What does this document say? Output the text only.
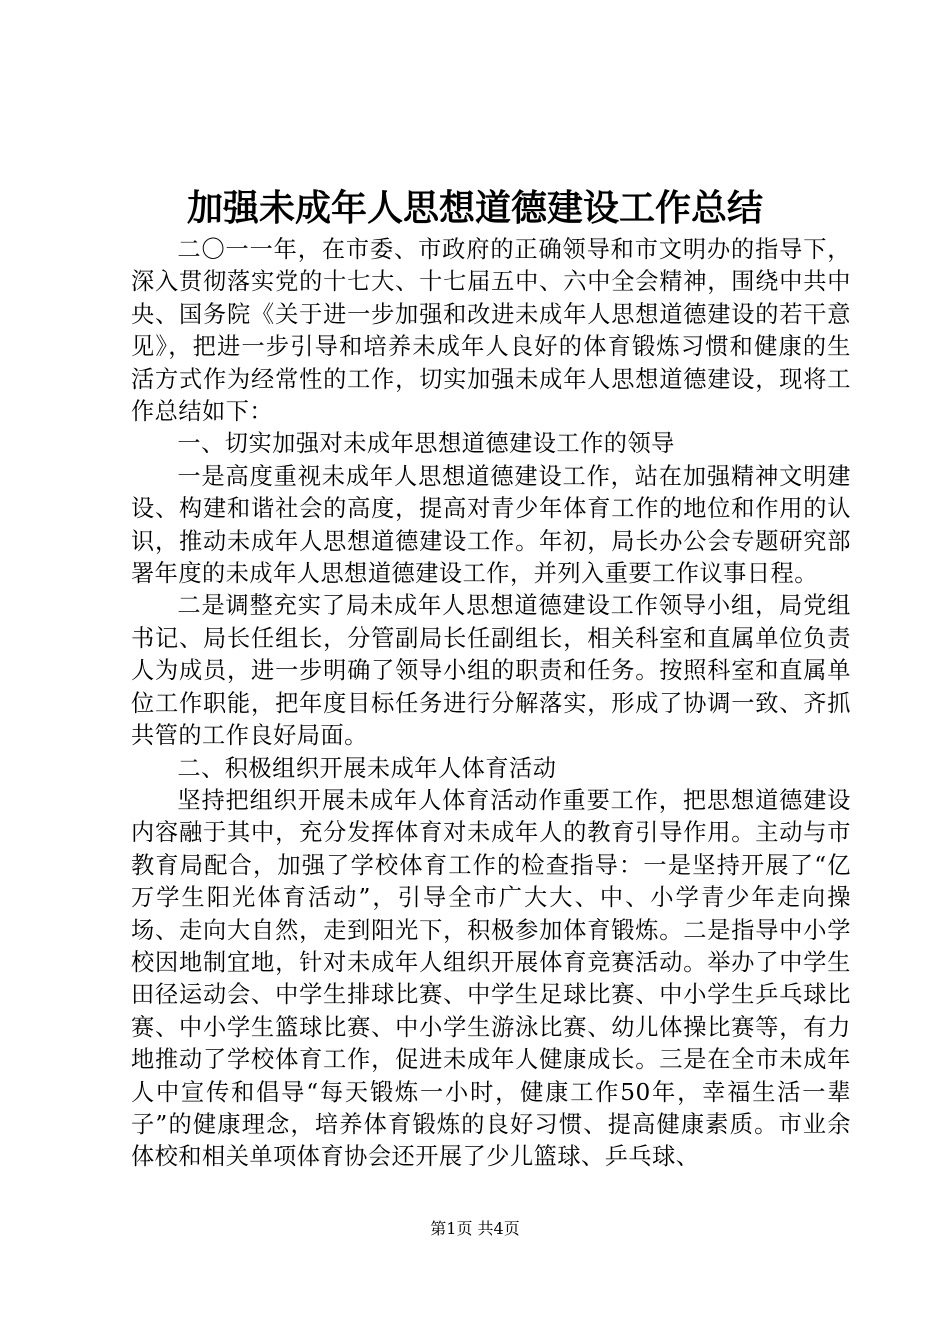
加强未成年人思想道德建设工作总结

二〇一一年，在市委、市政府的正确领导和市文明办的指导下，深入贯彻落实党的十七大、十七届五中、六中全会精神，围绕中共中央、国务院《关于进一步加强和改进未成年人思想道德建设的若干意见》，把进一步引导和培养未成年人良好的体育锻炼习惯和健康的生活方式作为经常性的工作，切实加强未成年人思想道德建设，现将工作总结如下：

一、切实加强对未成年思想道德建设工作的领导

一是高度重视未成年人思想道德建设工作，站在加强精神文明建设、构建和谐社会的高度，提高对青少年体育工作的地位和作用的认识，推动未成年人思想道德建设工作。年初，局长办公会专题研究部署年度的未成年人思想道德建设工作，并列入重要工作议事日程。

二是调整充实了局未成年人思想道德建设工作领导小组，局党组书记、局长任组长，分管副局长任副组长，相关科室和直属单位负责人为成员，进一步明确了领导小组的职责和任务。按照科室和直属单位工作职能，把年度目标任务进行分解落实，形成了协调一致、齐抓共管的工作良好局面。

二、积极组织开展未成年人体育活动

坚持把组织开展未成年人体育活动作重要工作，把思想道德建设内容融于其中，充分发挥体育对未成年人的教育引导作用。主动与市教育局配合，加强了学校体育工作的检查指导：一是坚持开展了“亿万学生阳光体育活动”，引导全市广大大、中、小学青少年走向操场、走向大自然，走到阳光下，积极参加体育锻炼。二是指导中小学校因地制宜地，针对未成年人组织开展体育竞赛活动。举办了中学生田径运动会、中学生排球比赛、中学生足球比赛、中小学生乒乓球比赛、中小学生篮球比赛、中小学生游泳比赛、幼儿体操比赛等，有力地推动了学校体育工作，促进未成年人健康成长。三是在全市未成年人中宣传和倡导“每天锻炼一小时，健康工作50年，幸福生活一辈子”的健康理念，培养体育锻炼的良好习惯、提高健康素质。市业余体校和相关单项体育协会还开展了少儿篮球、乒乓球、

第1页 共4页
